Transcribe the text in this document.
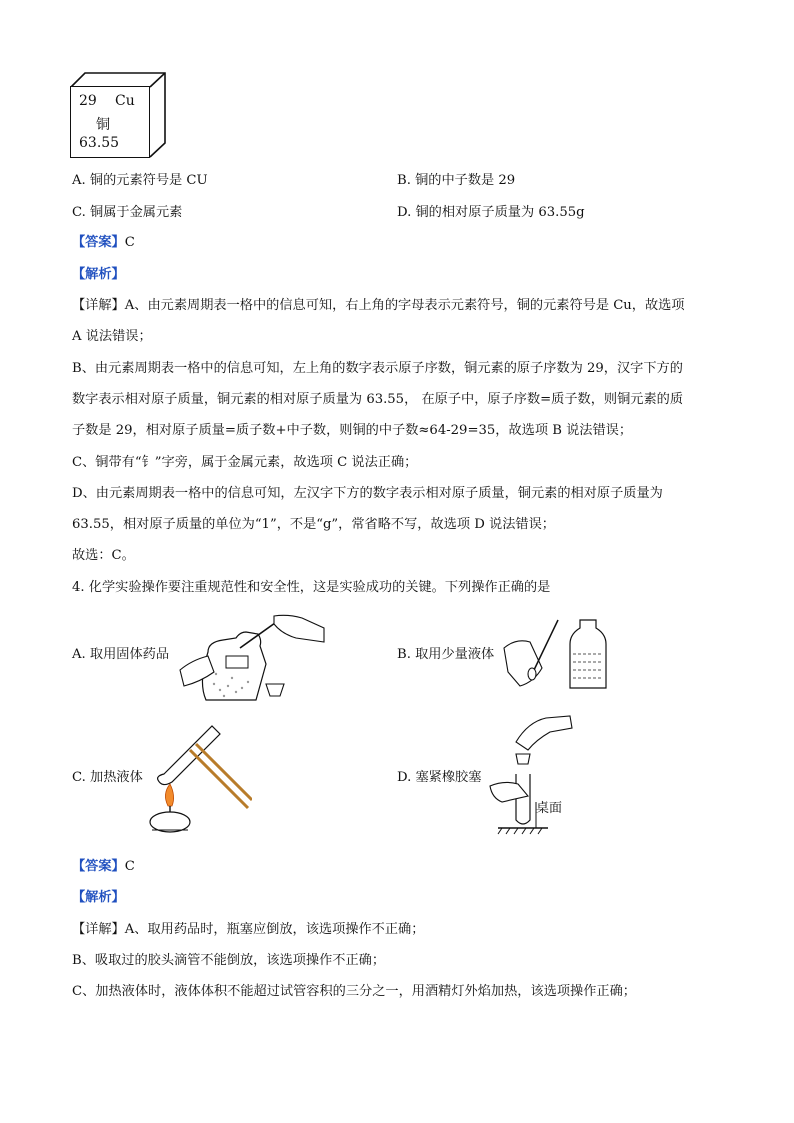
29 Cu
铜
63.55
A. 铜的元素符号是 CU	B. 铜的中子数是 29
C. 铜属于金属元素	D. 铜的相对原子质量为 63.55g
【答案】C
【解析】
【详解】A、由元素周期表一格中的信息可知，右上角的字母表示元素符号，铜的元素符号是 Cu，故选项
A 说法错误；
B、由元素周期表一格中的信息可知，左上角的数字表示原子序数，铜元素的原子序数为 29，汉字下方的
数字表示相对原子质量，铜元素的相对原子质量为 63.55， 在原子中，原子序数=质子数，则铜元素的质
子数是 29，相对原子质量=质子数+中子数，则铜的中子数≈64-29=35，故选项 B 说法错误；
C、铜带有“钅”字旁，属于金属元素，故选项 C 说法正确；
D、由元素周期表一格中的信息可知，左汉字下方的数字表示相对原子质量，铜元素的相对原子质量为
63.55，相对原子质量的单位为“1”，不是“g”，常省略不写，故选项 D 说法错误；
故选：C。
4. 化学实验操作要注重规范性和安全性，这是实验成功的关键。下列操作正确的是
A. 取用固体药品	B. 取用少量液体
C. 加热液体	D. 塞紧橡胶塞
桌面
【答案】C
【解析】
【详解】A、取用药品时，瓶塞应倒放，该选项操作不正确；
B、吸取过的胶头滴管不能倒放，该选项操作不正确；
C、加热液体时，液体体积不能超过试管容积的三分之一，用酒精灯外焰加热，该选项操作正确；
